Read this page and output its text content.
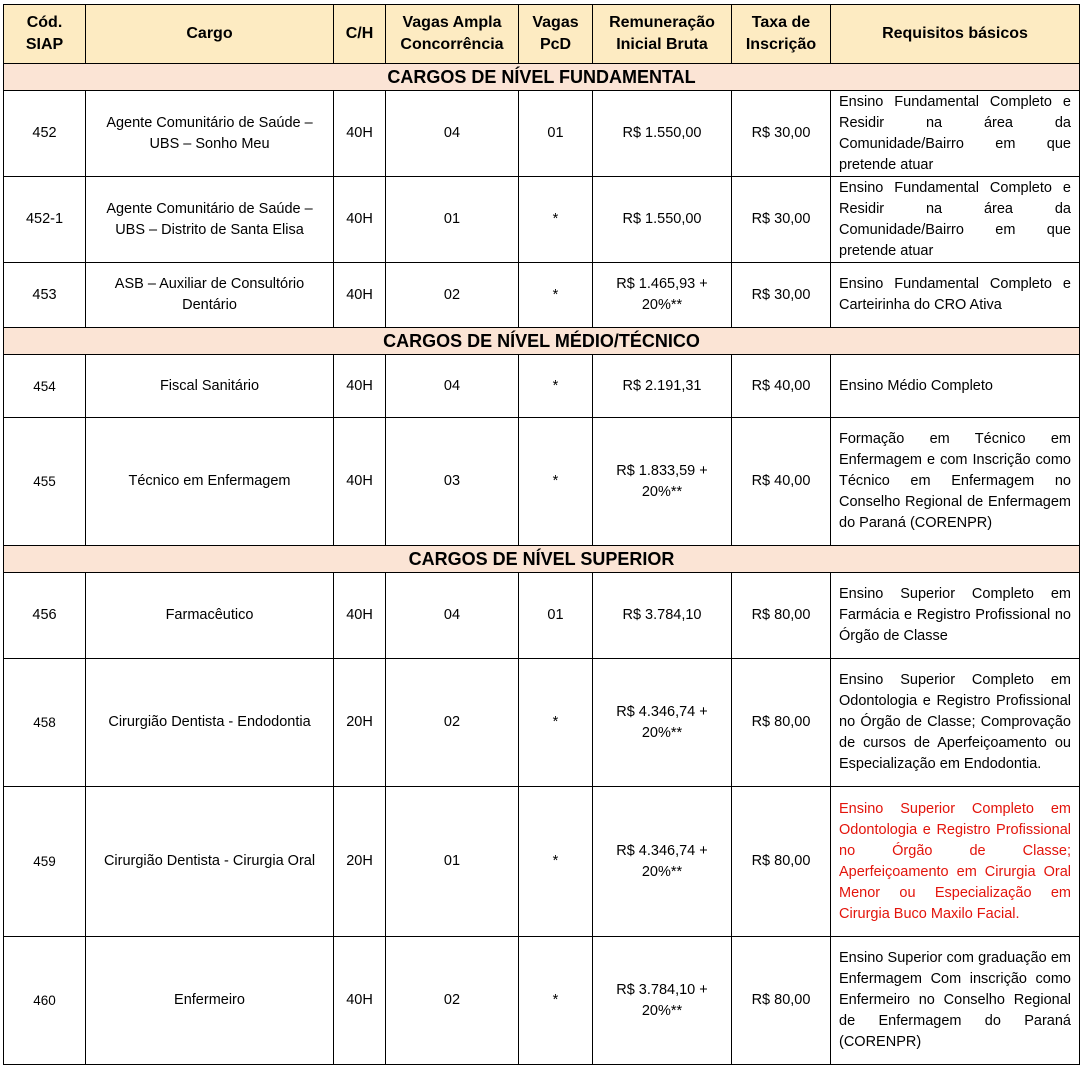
Cód. SIAP	Cargo	C/H	Vagas Ampla Concorrência	Vagas PcD	Remuneração Inicial Bruta	Taxa de Inscrição	Requisitos básicos
CARGOS DE NÍVEL FUNDAMENTAL							
452	Agente Comunitário de Saúde – UBS – Sonho Meu	40H	04	01	R$ 1.550,00	R$ 30,00	Ensino Fundamental Completo e Residir na área da Comunidade/Bairro em que pretende atuar
452-1	Agente Comunitário de Saúde – UBS – Distrito de Santa Elisa	40H	01	*	R$ 1.550,00	R$ 30,00	Ensino Fundamental Completo e Residir na área da Comunidade/Bairro em que pretende atuar
453	ASB – Auxiliar de Consultório Dentário	40H	02	*	R$ 1.465,93 + 20%**	R$ 30,00	Ensino Fundamental Completo e Carteirinha do CRO Ativa
CARGOS DE NÍVEL MÉDIO/TÉCNICO							
454	Fiscal Sanitário	40H	04	*	R$ 2.191,31	R$ 40,00	Ensino Médio Completo
455	Técnico em Enfermagem	40H	03	*	R$ 1.833,59 + 20%**	R$ 40,00	Formação em Técnico em Enfermagem e com Inscrição como Técnico em Enfermagem no Conselho Regional de Enfermagem do Paraná (CORENPR)
CARGOS DE NÍVEL SUPERIOR							
456	Farmacêutico	40H	04	01	R$ 3.784,10	R$ 80,00	Ensino Superior Completo em Farmácia e Registro Profissional no Órgão de Classe
458	Cirurgião Dentista - Endodontia	20H	02	*	R$ 4.346,74 + 20%**	R$ 80,00	Ensino Superior Completo em Odontologia e Registro Profissional no Órgão de Classe; Comprovação de cursos de Aperfeiçoamento ou Especialização em Endodontia.
459	Cirurgião Dentista - Cirurgia Oral	20H	01	*	R$ 4.346,74 + 20%**	R$ 80,00	Ensino Superior Completo em Odontologia e Registro Profissional no Órgão de Classe; Aperfeiçoamento em Cirurgia Oral Menor ou Especialização em Cirurgia Buco Maxilo Facial.
460	Enfermeiro	40H	02	*	R$ 3.784,10 + 20%**	R$ 80,00	Ensino Superior com graduação em Enfermagem Com inscrição como Enfermeiro no Conselho Regional de Enfermagem do Paraná (CORENPR)
